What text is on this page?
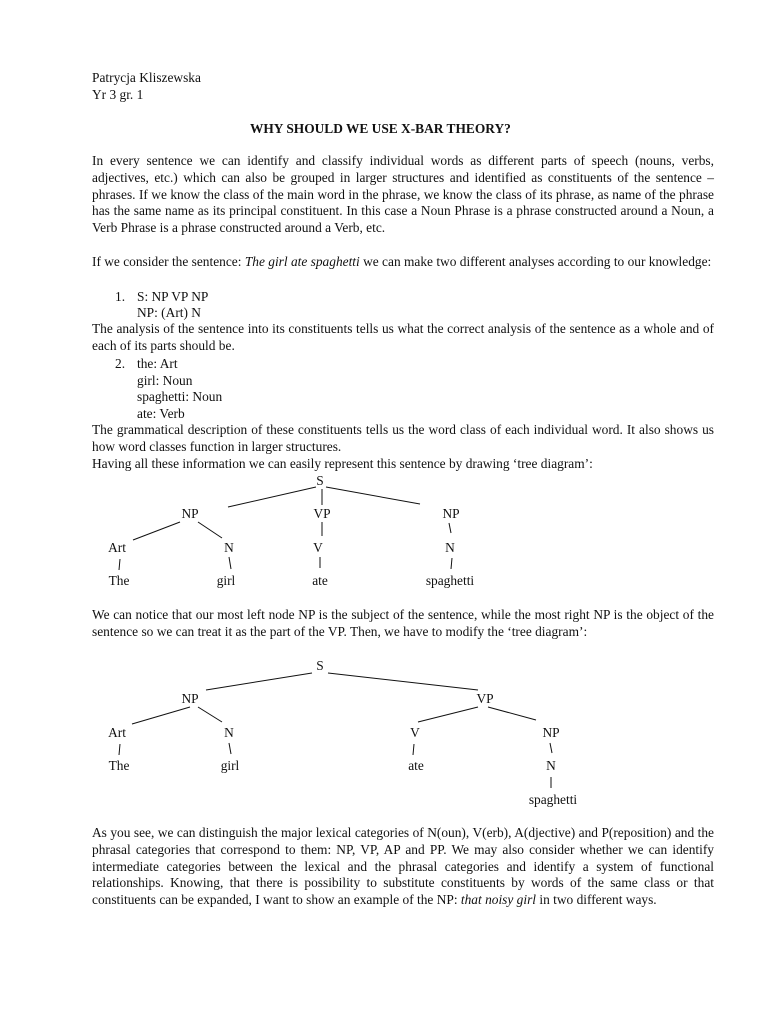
Patrycja Kliszewska
Yr 3 gr. 1
WHY SHOULD WE USE X-BAR THEORY?
In every sentence we can identify and classify individual words as different parts of speech (nouns, verbs, adjectives, etc.) which can also be grouped in larger structures and identified as constituents of the sentence – phrases. If we know the class of the main word in the phrase, we know the class of its phrase, as name of the phrase has the same name as its principal constituent. In this case a Noun Phrase is a phrase constructed around a Noun, a Verb Phrase is a phrase constructed around a Verb, etc.
If we consider the sentence: The girl ate spaghetti we can make two different analyses according to our knowledge:
1. S: NP VP NP
NP: (Art) N
The analysis of the sentence into its constituents tells us what the correct analysis of the sentence as a whole and of each of its parts should be.
2. the: Art
girl: Noun
spaghetti: Noun
ate: Verb
The grammatical description of these constituents tells us the word class of each individual word. It also shows us how word classes function in larger structures.
Having all these information we can easily represent this sentence by drawing ‘tree diagram’:
We can notice that our most left node NP is the subject of the sentence, while the most right NP is the object of the sentence so we can treat it as the part of the VP. Then, we have to modify the ‘tree diagram’:
As you see, we can distinguish the major lexical categories of N(oun), V(erb), A(djective) and P(reposition) and the phrasal categories that correspond to them: NP, VP, AP and PP. We may also consider whether we can identify intermediate categories between the lexical and the phrasal categories and identify a system of functional relationships. Knowing, that there is possibility to substitute constituents by words of the same class or that constituents can be expanded, I want to show an example of the NP: that noisy girl in two different ways.
S
NP	VP	NP
Art	N	V	N
The	girl	ate	spaghetti
S
NP	VP
Art	N	V	NP
The	girl	ate	N
spaghetti
